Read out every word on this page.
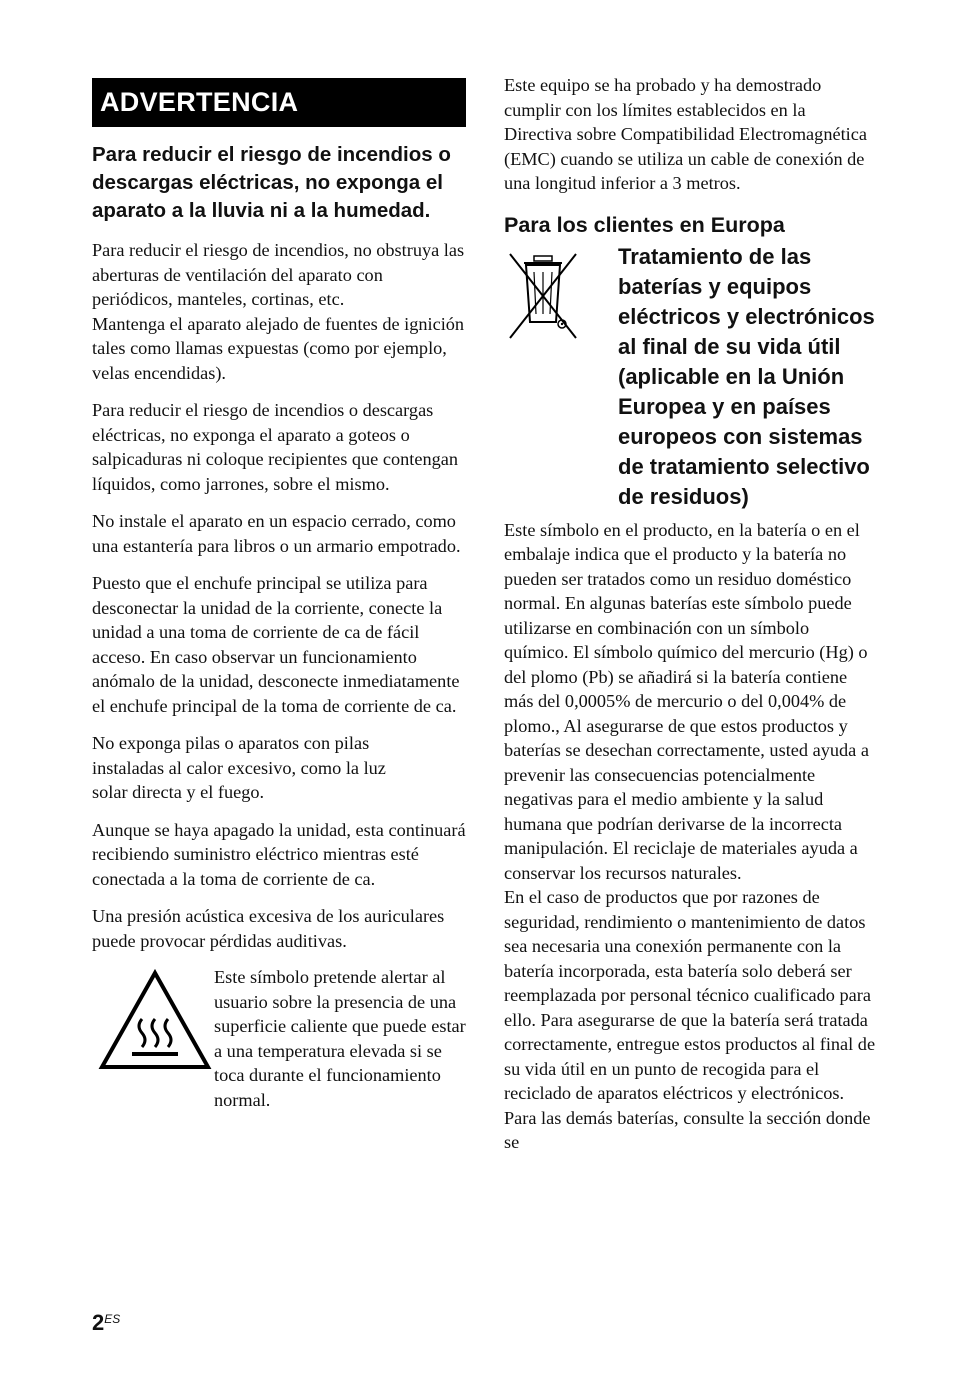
ADVERTENCIA
Para reducir el riesgo de incendios o descargas eléctricas, no exponga el aparato a la lluvia ni a la humedad.

Para reducir el riesgo de incendios, no obstruya las aberturas de ventilación del aparato con periódicos, manteles, cortinas, etc.

Mantenga el aparato alejado de fuentes de ignición tales como llamas expuestas (como por ejemplo, velas encendidas).

Para reducir el riesgo de incendios o descargas eléctricas, no exponga el aparato a goteos o salpicaduras ni coloque recipientes que contengan líquidos, como jarrones, sobre el mismo.

No instale el aparato en un espacio cerrado, como una estantería para libros o un armario empotrado.

Puesto que el enchufe principal se utiliza para desconectar la unidad de la corriente, conecte la unidad a una toma de corriente de ca de fácil acceso. En caso observar un funcionamiento anómalo de la unidad, desconecte inmediatamente el enchufe principal de la toma de corriente de ca.

No exponga pilas o aparatos con pilas instaladas al calor excesivo, como la luz solar directa y el fuego.

Aunque se haya apagado la unidad, esta continuará recibiendo suministro eléctrico mientras esté conectada a la toma de corriente de ca.

Una presión acústica excesiva de los auriculares puede provocar pérdidas auditivas.

Este símbolo pretende alertar al usuario sobre la presencia de una superficie caliente que puede estar a una temperatura elevada si se toca durante el funcionamiento normal.

Este equipo se ha probado y ha demostrado cumplir con los límites establecidos en la Directiva sobre Compatibilidad Electromagnética (EMC) cuando se utiliza un cable de conexión de una longitud inferior a 3 metros.

Para los clientes en Europa
Tratamiento de las baterías y equipos eléctricos y electrónicos al final de su vida útil (aplicable en la Unión Europea y en países europeos con sistemas de tratamiento selectivo de residuos)

Este símbolo en el producto, en la batería o en el embalaje indica que el producto y la batería no pueden ser tratados como un residuo doméstico normal. En algunas baterías este símbolo puede utilizarse en combinación con un símbolo químico. El símbolo químico del mercurio (Hg) o del plomo (Pb) se añadirá si la batería contiene más del 0,0005% de mercurio o del 0,004% de plomo., Al asegurarse de que estos productos y baterías se desechan correctamente, usted ayuda a prevenir las consecuencias potencialmente negativas para el medio ambiente y la salud humana que podrían derivarse de la incorrecta manipulación. El reciclaje de materiales ayuda a conservar los recursos naturales.

En el caso de productos que por razones de seguridad, rendimiento o mantenimiento de datos sea necesaria una conexión permanente con la batería incorporada, esta batería solo deberá ser reemplazada por personal técnico cualificado para ello. Para asegurarse de que la batería será tratada correctamente, entregue estos productos al final de su vida útil en un punto de recogida para el reciclado de aparatos eléctricos y electrónicos. Para las demás baterías, consulte la sección donde se

$2^{ES}$
